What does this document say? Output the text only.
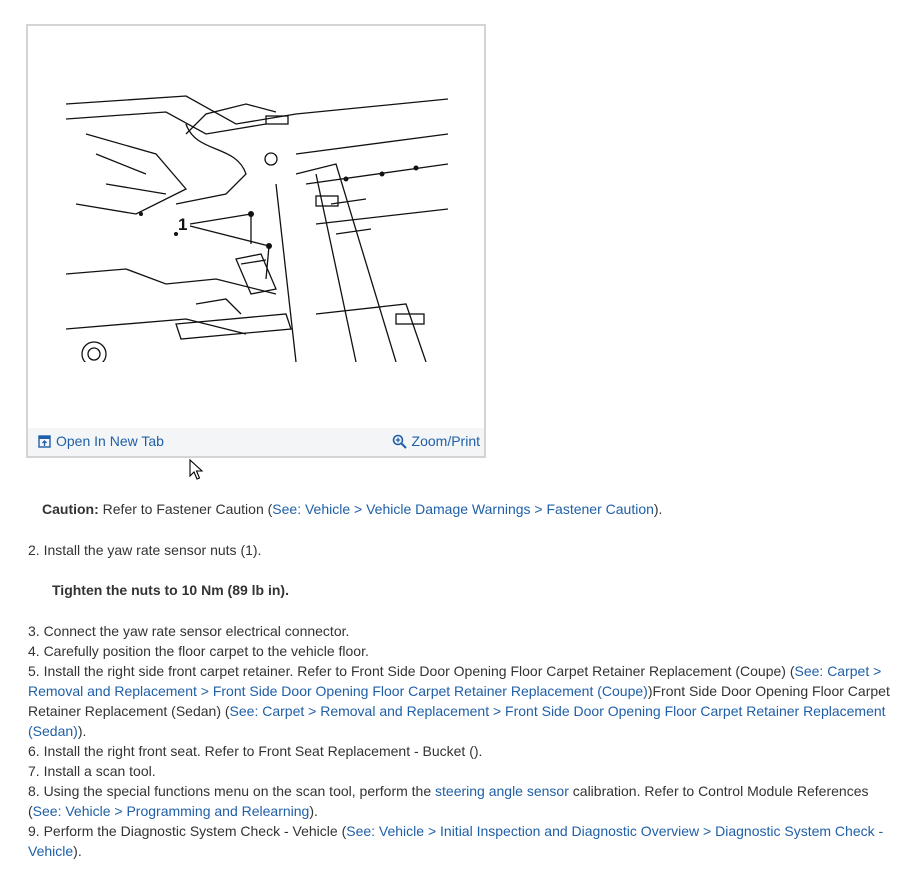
1
Open In New Tab	Zoom/Print
Caution: Refer to Fastener Caution (See: Vehicle > Vehicle Damage Warnings > Fastener Caution).
2. Install the yaw rate sensor nuts (1).
Tighten the nuts to 10 Nm (89 lb in).
3. Connect the yaw rate sensor electrical connector.
4. Carefully position the floor carpet to the vehicle floor.
5. Install the right side front carpet retainer. Refer to Front Side Door Opening Floor Carpet Retainer Replacement (Coupe) (See: Carpet > Removal and Replacement > Front Side Door Opening Floor Carpet Retainer Replacement (Coupe))Front Side Door Opening Floor Carpet Retainer Replacement (Sedan) (See: Carpet > Removal and Replacement > Front Side Door Opening Floor Carpet Retainer Replacement (Sedan)).
6. Install the right front seat. Refer to Front Seat Replacement - Bucket ().
7. Install a scan tool.
8. Using the special functions menu on the scan tool, perform the steering angle sensor calibration. Refer to Control Module References (See: Vehicle > Programming and Relearning).
9. Perform the Diagnostic System Check - Vehicle (See: Vehicle > Initial Inspection and Diagnostic Overview > Diagnostic System Check - Vehicle).
